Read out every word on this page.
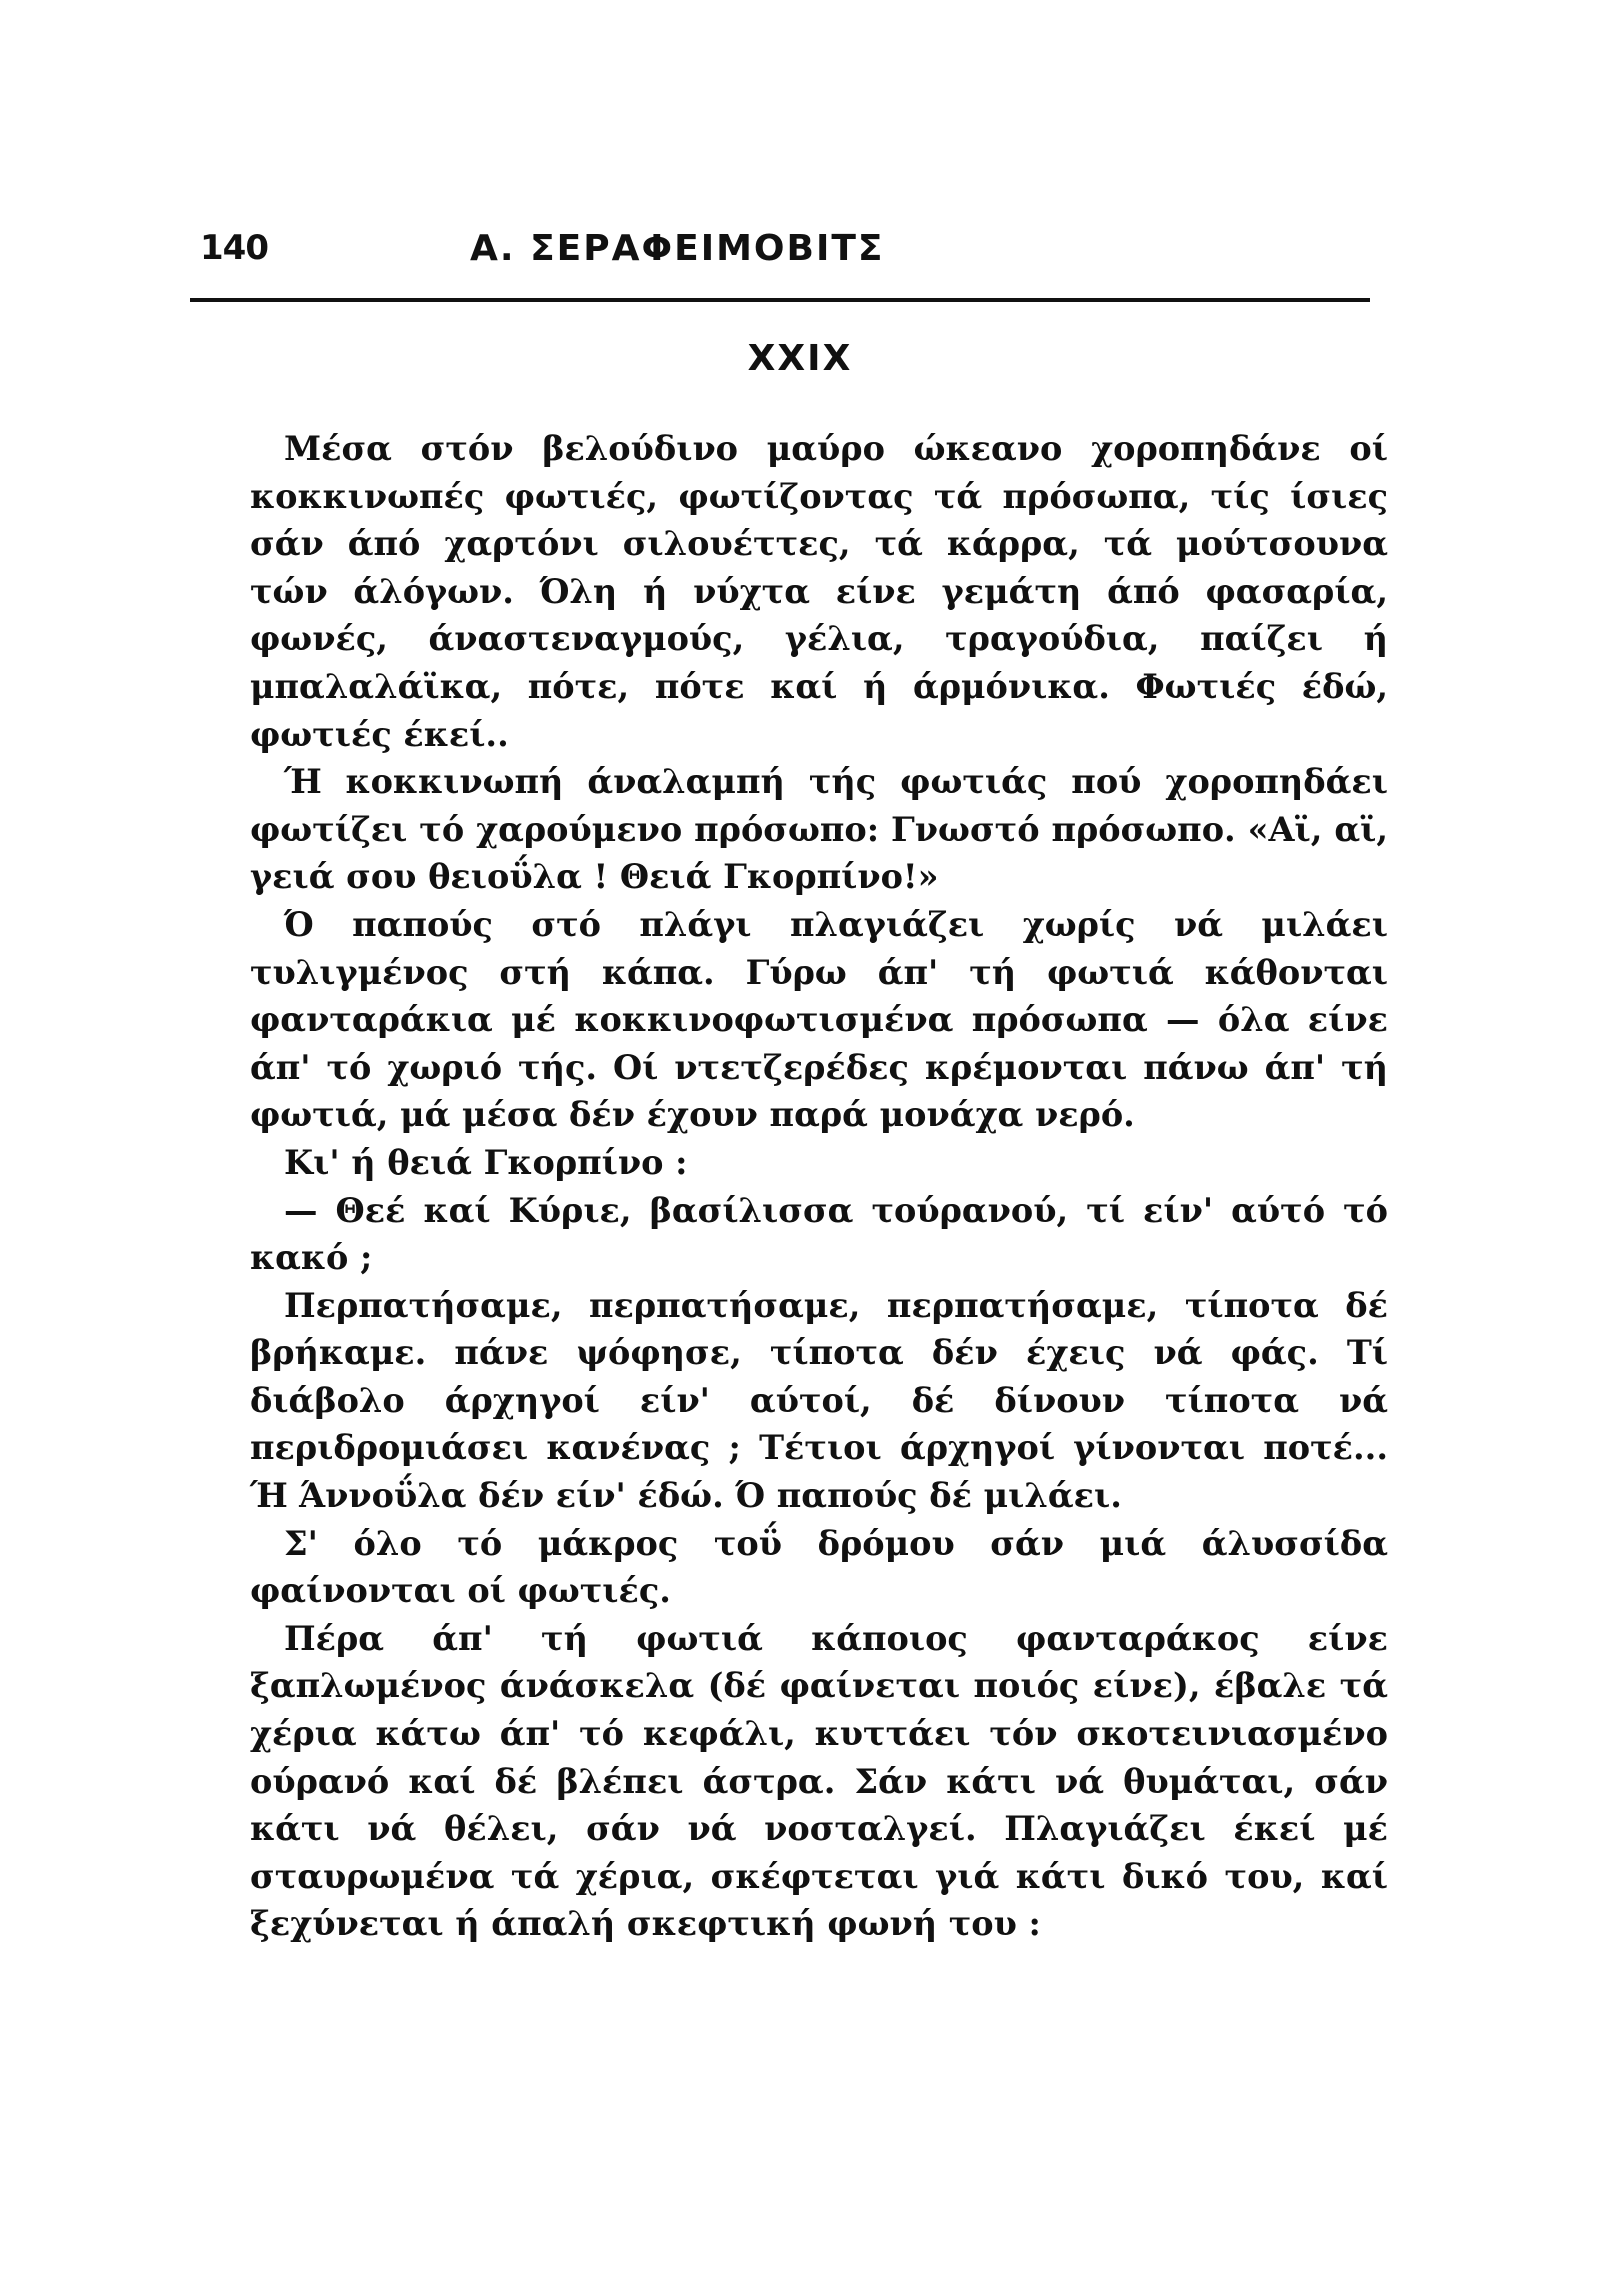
140	Α. ΣΕΡΑΦΕΙΜΟΒΙΤΣ
XXIX

Μέσα στόν βελούδινο μαύρο ώκεανο χοροπηδάνε οί κοκκινωπές φωτιές, φωτίζοντας τά πρόσωπα, τίς ίσιες σάν άπό χαρτόνι σιλουέττες, τά κάρρα, τά μούτσουνα τών άλόγων. Όλη ή νύχτα είνε γεμάτη άπό φασαρία, φωνές, άναστεναγμούς, γέλια, τραγούδια, παίζει ή μπαλαλάϊκα, πότε, πότε καί ή άρμόνικα. Φωτιές έδώ, φωτιές έκεί..

Ή κοκκινωπή άναλαμπή τής φωτιάς πού χοροπηδάει φωτίζει τό χαρούμενο πρόσωπο: Γνωστό πρόσωπο. «Αϊ, αϊ, γειά σου θειοΰλα ! Θειά Γκορπίνο!»

Ό παπούς στό πλάγι πλαγιάζει χωρίς νά μιλάει τυλιγμένος στή κάπα. Γύρω άπ' τή φωτιά κάθονται φανταράκια μέ κοκκινοφωτισμένα πρόσωπα — όλα είνε άπ' τό χωριό τής. Οί ντετζερέδες κρέμονται πάνω άπ' τή φωτιά, μά μέσα δέν έχουν παρά μονάχα νερό.

Κι' ή θειά Γκορπίνο :

— Θεέ καί Κύριε, βασίλισσα τούρανού, τί είν' αύτό τό κακό ;

Περπατήσαμε, περπατήσαμε, περπατήσαμε, τίποτα δέ βρήκαμε. πάνε ψόφησε, τίποτα δέν έχεις νά φάς. Τί διάβολο άρχηγοί είν' αύτοί, δέ δίνουν τίποτα νά περιδρομιάσει κανένας ; Τέτιοι άρχηγοί γίνονται ποτέ... Ή Άννοΰλα δέν είν' έδώ. Ό παπούς δέ μιλάει.

Σ' όλο τό μάκρος τοΰ δρόμου σάν μιά άλυσσίδα φαίνονται οί φωτιές.

Πέρα άπ' τή φωτιά κάποιος φανταράκος είνε ξαπλωμένος άνάσκελα (δέ φαίνεται ποιός είνε), έβαλε τά χέρια κάτω άπ' τό κεφάλι, κυττάει τόν σκοτεινιασμένο ούρανό καί δέ βλέπει άστρα. Σάν κάτι νά θυμάται, σάν κάτι νά θέλει, σάν νά νοσταλγεί. Πλαγιάζει έκεί μέ σταυρωμένα τά χέρια, σκέφτεται γιά κάτι δικό του, καί ξεχύνεται ή άπαλή σκεφτική φωνή του :
